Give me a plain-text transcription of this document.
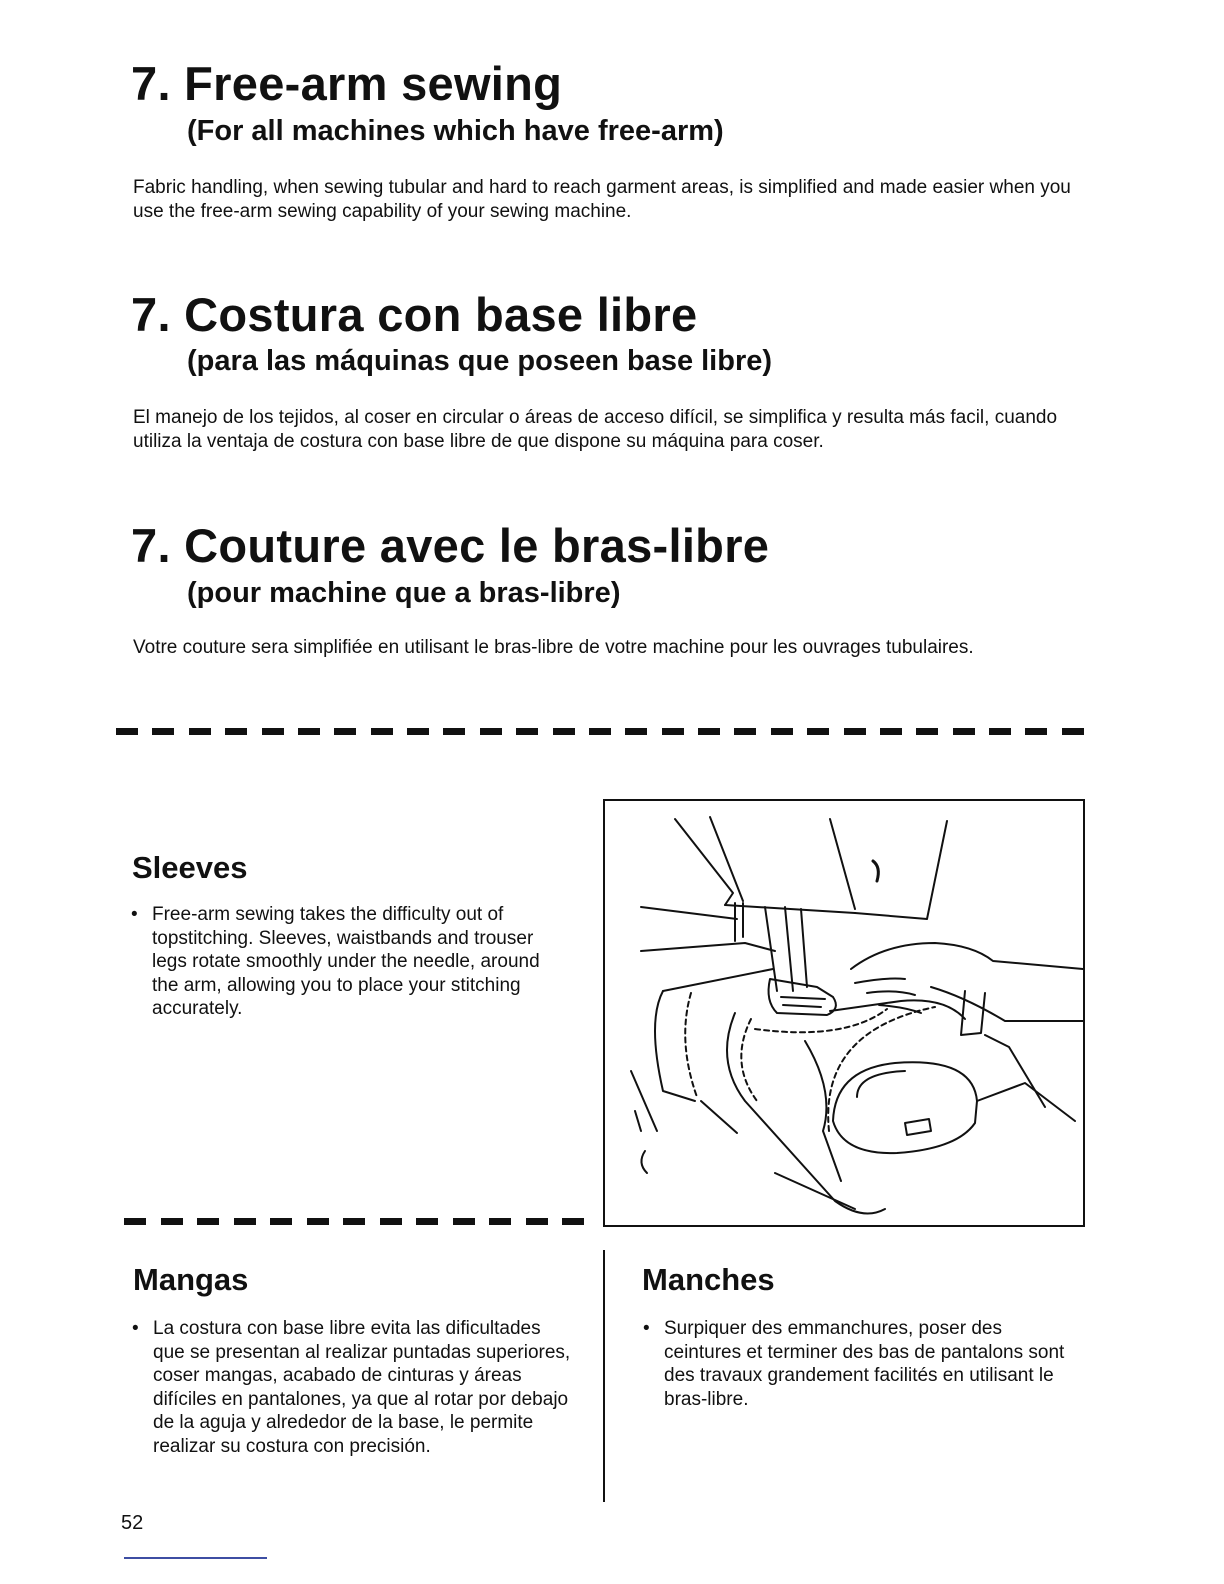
7. Free-arm sewing
(For all machines which have free-arm)

Fabric handling, when sewing tubular and hard to reach garment areas, is simplified and made easier when you use the free-arm sewing capability of your sewing machine.

7. Costura con base libre
(para las máquinas que poseen base libre)

El manejo de los tejidos, al coser en circular o áreas de acceso difícil, se simplifica y resulta más facil, cuando utiliza la ventaja de costura con base libre de que dispone su máquina para coser.

7. Couture avec le bras-libre
(pour machine que a bras-libre)

Votre couture sera simplifiée en utilisant le bras-libre de votre machine pour les ouvrages tubulaires.

Sleeves
• Free-arm sewing takes the difficulty out of topstitching. Sleeves, waistbands and trouser legs rotate smoothly under the needle, around the arm, allowing you to place your stitching accurately.
Mangas
• La costura con base libre evita las dificultades que se presentan al realizar puntadas superiores, coser mangas, acabado de cinturas y áreas difíciles en pantalones, ya que al rotar por debajo de la aguja y alrededor de la base, le permite realizar su costura con precisión.
Manches
• Surpiquer des emmanchures, poser des ceintures et terminer des bas de pantalons sont des travaux grandement facilités en utilisant le bras-libre.

52
